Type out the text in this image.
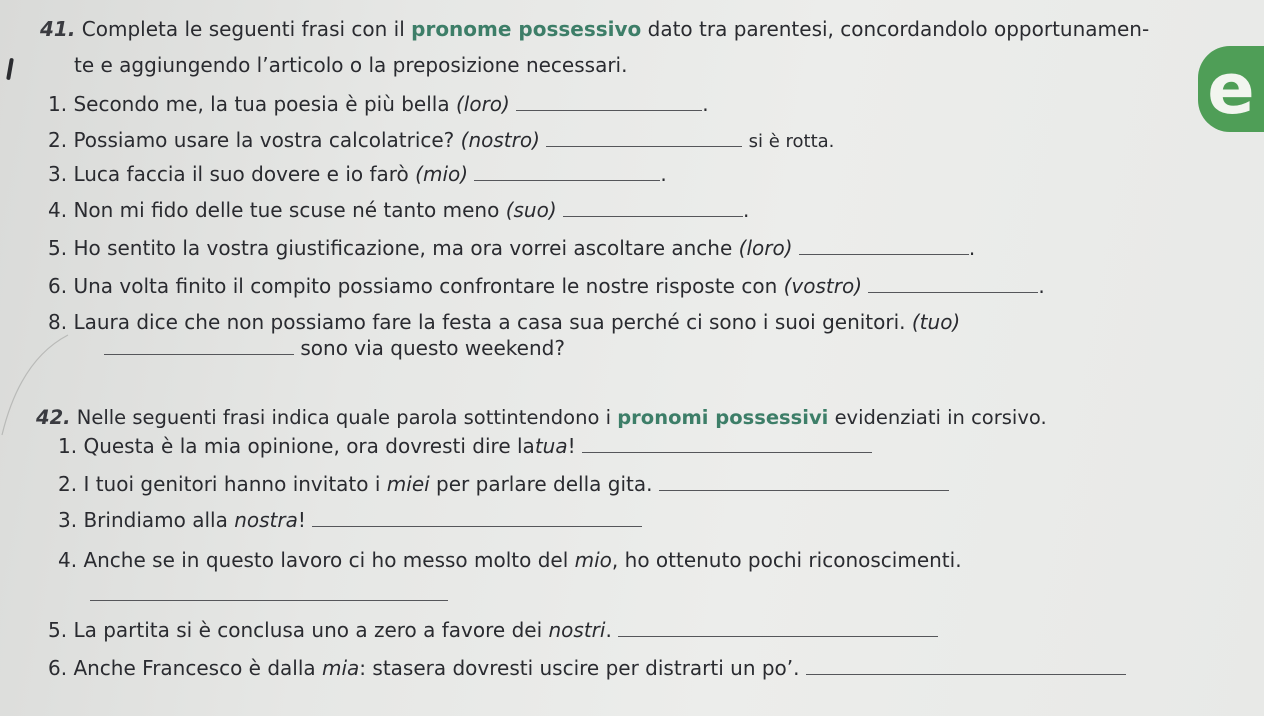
41. Completa le seguenti frasi con il pronome possessivo dato tra parentesi, concordandolo opportunamen-
te e aggiungendo l’articolo o la preposizione necessari.
1. Secondo me, la tua poesia è più bella (loro)	.
2. Possiamo usare la vostra calcolatrice? (nostro)	si è rotta.
3. Luca faccia il suo dovere e io farò (mio)	.
4. Non mi fido delle tue scuse né tanto meno (suo)	.
5. Ho sentito la vostra giustificazione, ma ora vorrei ascoltare anche (loro)	.
6. Una volta finito il compito possiamo confrontare le nostre risposte con (vostro)	.
8. Laura dice che non possiamo fare la festa a casa sua perché ci sono i suoi genitori. (tuo)
sono via questo weekend?
42. Nelle seguenti frasi indica quale parola sottintendono i pronomi possessivi evidenziati in corsivo.
1. Questa è la mia opinione, ora dovresti dire latua!
2. I tuoi genitori hanno invitato i miei per parlare della gita.
3. Brindiamo alla nostra!
4. Anche se in questo lavoro ci ho messo molto del mio, ho ottenuto pochi riconoscimenti.
5. La partita si è conclusa uno a zero a favore dei nostri.
6. Anche Francesco è dalla mia: stasera dovresti uscire per distrarti un po’.
e
